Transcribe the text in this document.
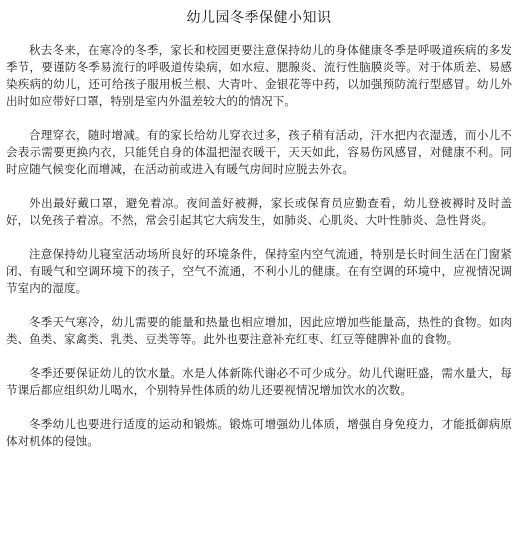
幼儿园冬季保健小知识

秋去冬来，在寒冷的冬季，家长和校园更要注意保持幼儿的身体健康冬季是呼吸道疾病的多发季节，要谨防冬季易流行的呼吸道传染病，如水痘、腮腺炎、流行性脑膜炎等。对于体质差、易感染疾病的幼儿，还可给孩子服用板兰根、大青叶、金银花等中药，以加强预防流行型感冒。幼儿外出时如应带好口罩，特别是室内外温差较大的的情况下。

合理穿衣，随时增减。有的家长给幼儿穿衣过多，孩子稍有活动，汗水把内衣湿透，而小儿不会表示需要更换内衣，只能凭自身的体温把湿衣暖干，天天如此，容易伤风感冒，对健康不利。同时应随气候变化而增减，在活动前或进入有暖气房间时应脱去外衣。

外出最好戴口罩，避免着凉。夜间盖好被褥，家长或保育员应勤查看，幼儿登被褥时及时盖好，以免孩子着凉。不然，常会引起其它大病发生，如肺炎、心肌炎、大叶性肺炎、急性肾炎。

注意保持幼儿寝室活动场所良好的环境条件，保持室内空气流通，特别是长时间生活在门窗紧闭、有暖气和空调环境下的孩子，空气不流通，不利小儿的健康。在有空调的环境中，应视情况调节室内的湿度。

冬季天气寒冷，幼儿需要的能量和热量也相应增加，因此应增加些能量高，热性的食物。如肉类、鱼类、家禽类、乳类、豆类等等。此外也要注意补充红枣、红豆等健脾补血的食物。

冬季还要保证幼儿的饮水量。水是人体新陈代谢必不可少成分。幼儿代谢旺盛，需水量大，每节课后都应组织幼儿喝水，个别特异性体质的幼儿还要视情况增加饮水的次数。

冬季幼儿也要进行适度的运动和锻炼。锻炼可增强幼儿体质，增强自身免疫力，才能抵御病原体对机体的侵蚀。
